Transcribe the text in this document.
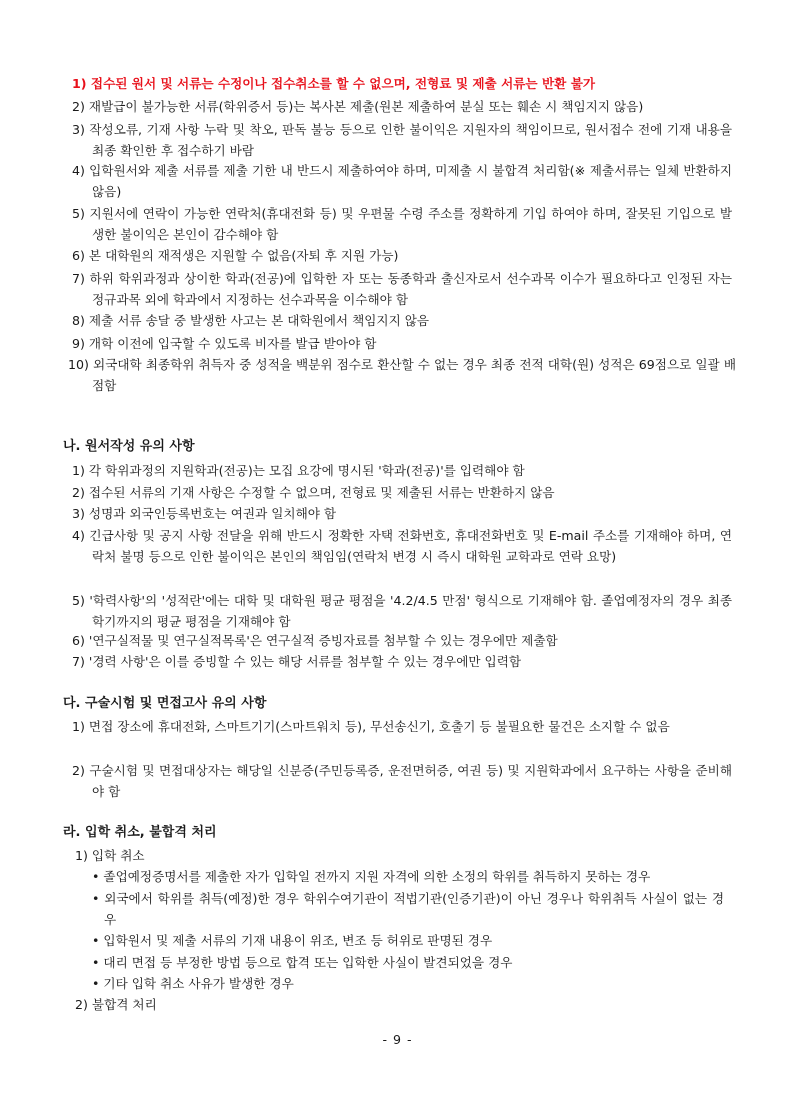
1) 접수된 원서 및 서류는 수정이나 접수취소를 할 수 없으며, 전형료 및 제출 서류는 반환 불가
2) 재발급이 불가능한 서류(학위증서 등)는 복사본 제출(원본 제출하여 분실 또는 훼손 시 책임지지 않음)
3) 작성오류, 기재 사항 누락 및 착오, 판독 불능 등으로 인한 불이익은 지원자의 책임이므로, 원서접수 전에 기재 내용을 최종 확인한 후 접수하기 바람
4) 입학원서와 제출 서류를 제출 기한 내 반드시 제출하여야 하며, 미제출 시 불합격 처리함(※ 제출서류는 일체 반환하지 않음)
5) 지원서에 연락이 가능한 연락처(휴대전화 등) 및 우편물 수령 주소를 정확하게 기입 하여야 하며, 잘못된 기입으로 발생한 불이익은 본인이 감수해야 함
6) 본 대학원의 재적생은 지원할 수 없음(자퇴 후 지원 가능)
7) 하위 학위과정과 상이한 학과(전공)에 입학한 자 또는 동종학과 출신자로서 선수과목 이수가 필요하다고 인정된 자는 정규과목 외에 학과에서 지정하는 선수과목을 이수해야 함
8) 제출 서류 송달 중 발생한 사고는 본 대학원에서 책임지지 않음
9) 개학 이전에 입국할 수 있도록 비자를 발급 받아야 함
10) 외국대학 최종학위 취득자 중 성적을 백분위 점수로 환산할 수 없는 경우 최종 전적 대학(원) 성적은 69점으로 일괄 배점함
나. 원서작성 유의 사항
1) 각 학위과정의 지원학과(전공)는 모집 요강에 명시된 '학과(전공)'를 입력해야 함
2) 접수된 서류의 기재 사항은 수정할 수 없으며, 전형료 및 제출된 서류는 반환하지 않음
3) 성명과 외국인등록번호는 여권과 일치해야 함
4) 긴급사항 및 공지 사항 전달을 위해 반드시 정확한 자택 전화번호, 휴대전화번호 및 E-mail 주소를 기재해야 하며, 연락처 불명 등으로 인한 불이익은 본인의 책임임(연락처 변경 시 즉시 대학원 교학과로 연락 요망)
5) '학력사항'의 '성적란'에는 대학 및 대학원 평균 평점을 '4.2/4.5 만점' 형식으로 기재해야 함. 졸업예정자의 경우 최종학기까지의 평균 평점을 기재해야 함
6) '연구실적물 및 연구실적목록'은 연구실적 증빙자료를 첨부할 수 있는 경우에만 제출함
7) '경력 사항'은 이를 증빙할 수 있는 해당 서류를 첨부할 수 있는 경우에만 입력함
다. 구술시험 및 면접고사 유의 사항
1) 면접 장소에 휴대전화, 스마트기기(스마트워치 등), 무선송신기, 호출기 등 불필요한 물건은 소지할 수 없음
2) 구술시험 및 면접대상자는 해당일 신분증(주민등록증, 운전면허증, 여권 등) 및 지원학과에서 요구하는 사항을 준비해야 함
라. 입학 취소, 불합격 처리
1) 입학 취소
• 졸업예정증명서를 제출한 자가 입학일 전까지 지원 자격에 의한 소정의 학위를 취득하지 못하는 경우
• 외국에서 학위를 취득(예정)한 경우 학위수여기관이 적법기관(인증기관)이 아닌 경우나 학위취득 사실이 없는 경우
• 입학원서 및 제출 서류의 기재 내용이 위조, 변조 등 허위로 판명된 경우
• 대리 면접 등 부정한 방법 등으로 합격 또는 입학한 사실이 발견되었을 경우
• 기타 입학 취소 사유가 발생한 경우
2) 불합격 처리
- 9 -
